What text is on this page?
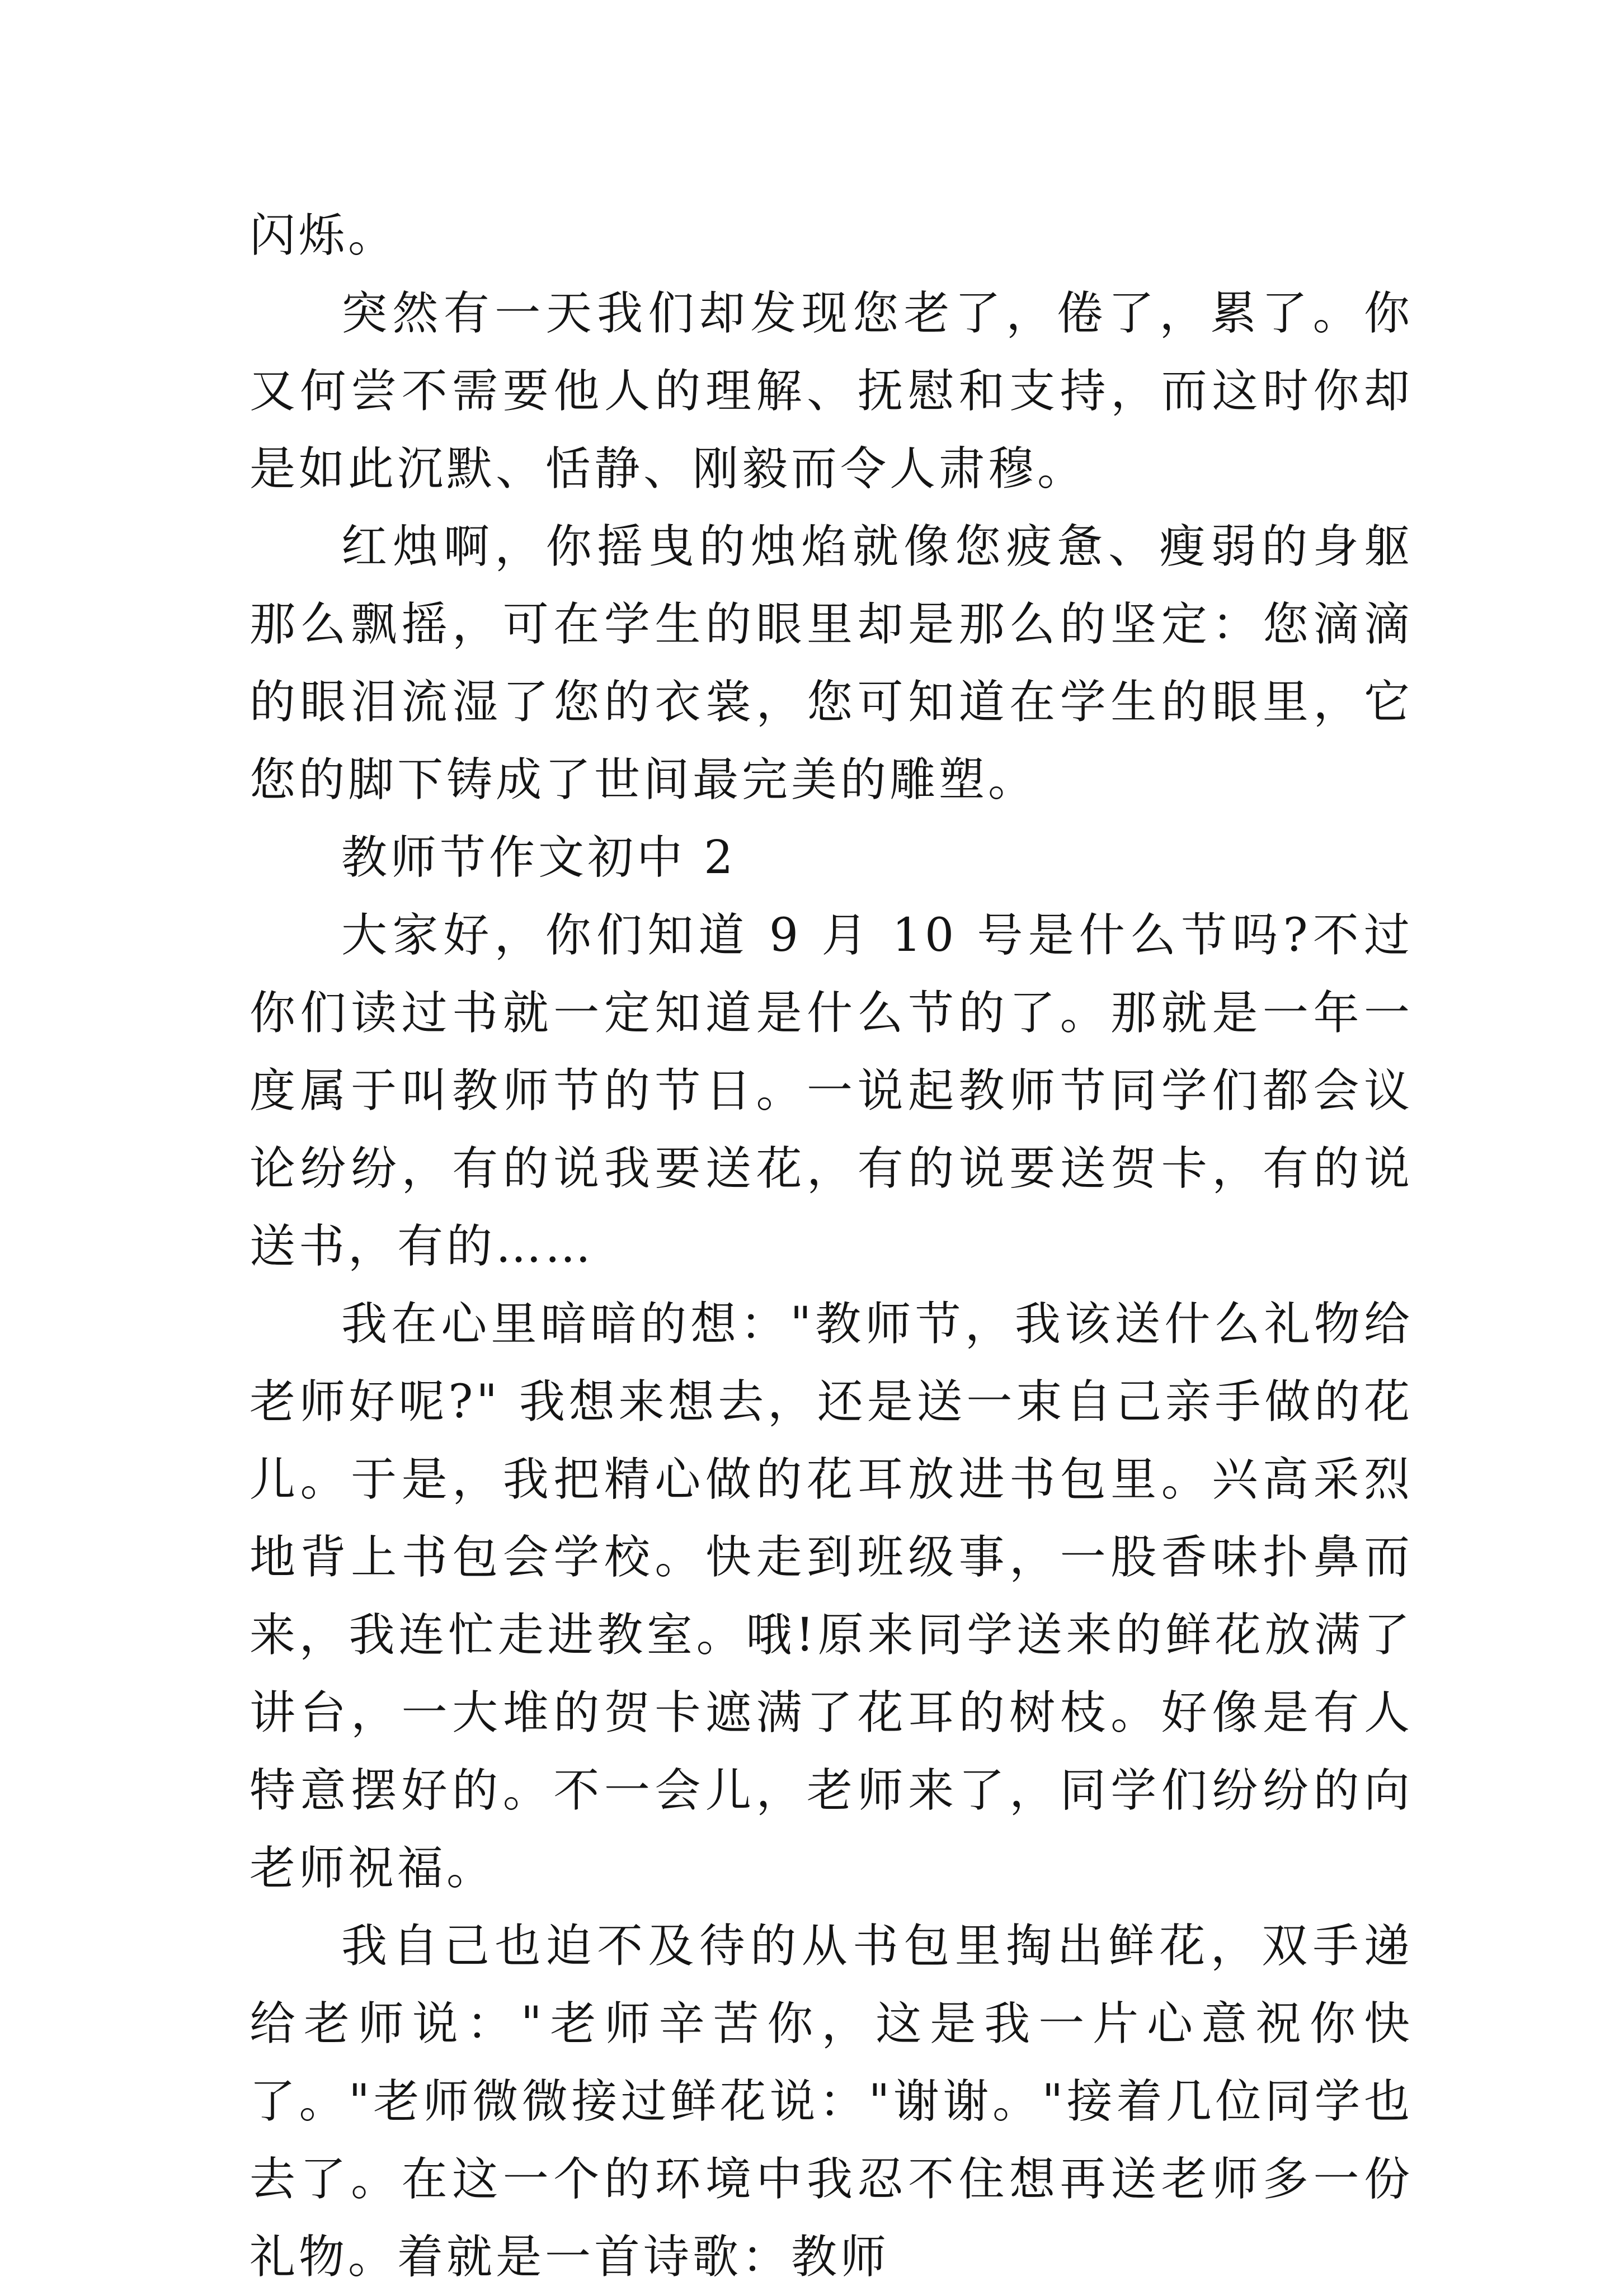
闪烁。

突然有一天我们却发现您老了，倦了，累了。你又何尝不需要他人的理解、抚慰和支持，而这时你却是如此沉默、恬静、刚毅而令人肃穆。

红烛啊，你摇曳的烛焰就像您疲惫、瘦弱的身躯那么飘摇，可在学生的眼里却是那么的坚定：您滴滴的眼泪流湿了您的衣裳，您可知道在学生的眼里，它您的脚下铸成了世间最完美的雕塑。

教师节作文初中 2

大家好，你们知道 9 月 10 号是什么节吗?不过你们读过书就一定知道是什么节的了。那就是一年一度属于叫教师节的节日。一说起教师节同学们都会议论纷纷，有的说我要送花，有的说要送贺卡，有的说送书，有的……

我在心里暗暗的想："教师节，我该送什么礼物给老师好呢?" 我想来想去，还是送一束自己亲手做的花儿。于是，我把精心做的花耳放进书包里。兴高采烈地背上书包会学校。快走到班级事，一股香味扑鼻而来，我连忙走进教室。哦!原来同学送来的鲜花放满了讲台，一大堆的贺卡遮满了花耳的树枝。好像是有人特意摆好的。不一会儿，老师来了，同学们纷纷的向老师祝福。

我自己也迫不及待的从书包里掏出鲜花，双手递给老师说："老师辛苦你，这是我一片心意祝你快了。"老师微微接过鲜花说："谢谢。"接着几位同学也去了。在这一个的环境中我忍不住想再送老师多一份礼物。着就是一首诗歌：教师
